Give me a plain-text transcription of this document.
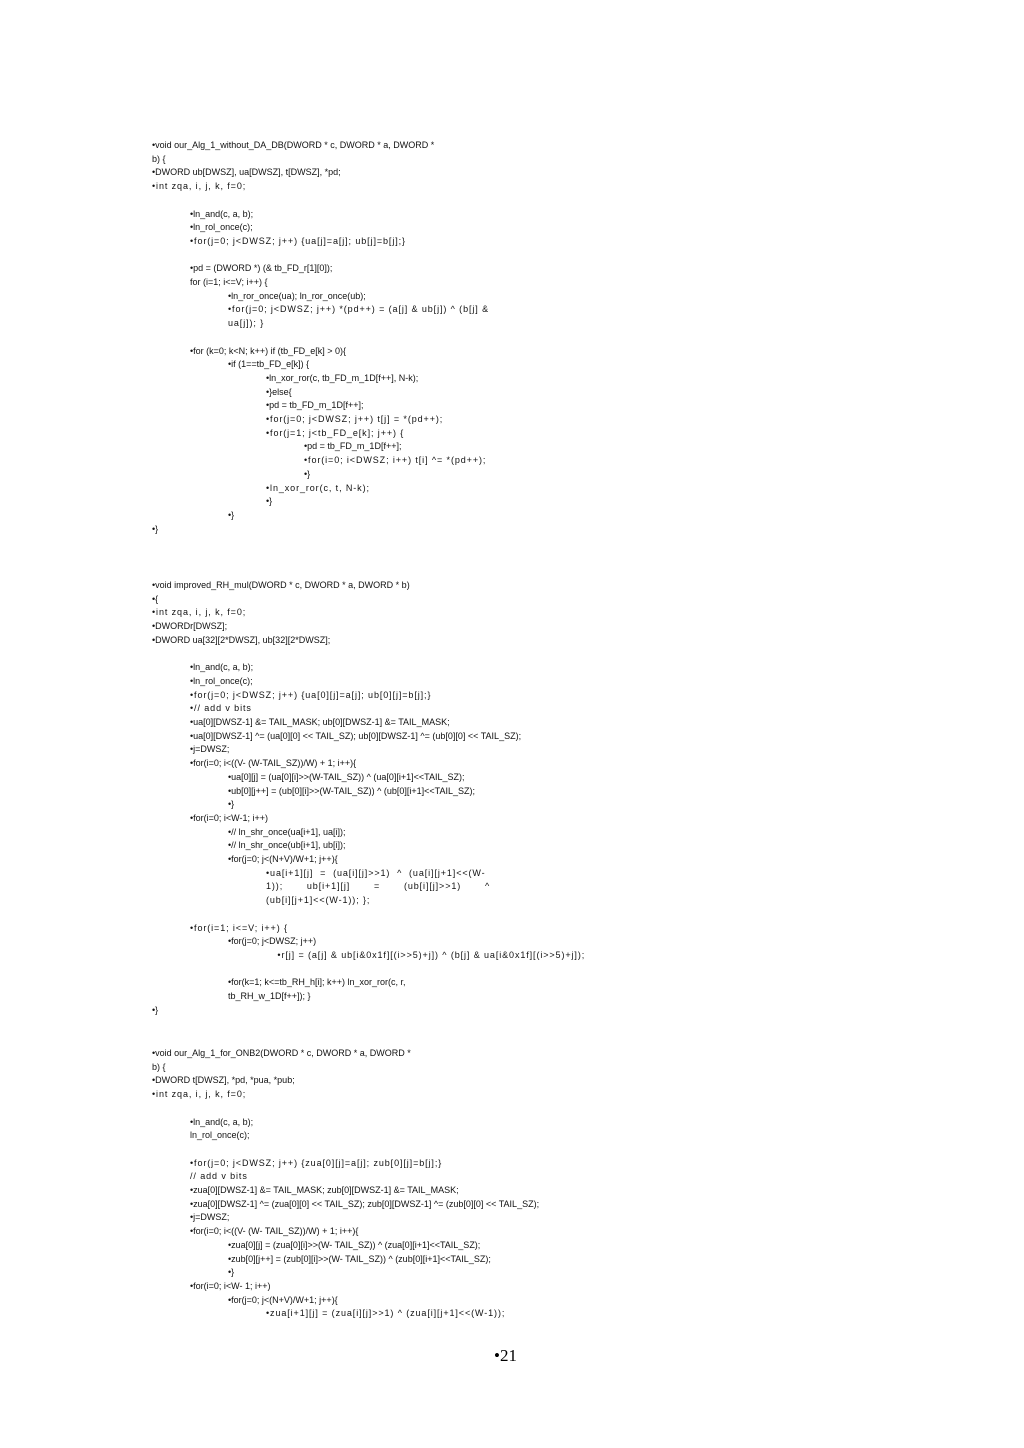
•void our_Alg_1_without_DA_DB(DWORD * c, DWORD * a, DWORD *
b) {
•DWORD ub[DWSZ], ua[DWSZ], t[DWSZ], *pd;
•int zqa, i, j, k, f=0;
•ln_and(c, a, b);
•ln_rol_once(c);
•for(j=0; j<DWSZ; j++) {ua[j]=a[j]; ub[j]=b[j];}
•pd = (DWORD *) (& tb_FD_r[1][0]);
for (i=1; i<=V; i++) {
•ln_ror_once(ua); ln_ror_once(ub);
•for(j=0; j<DWSZ; j++) *(pd++) = (a[j] & ub[j]) ^ (b[j] &
ua[j]); }
•for (k=0; k<N; k++) if (tb_FD_e[k] > 0){
•if (1==tb_FD_e[k]) {
•ln_xor_ror(c, tb_FD_m_1D[f++], N-k);
•}else{
•pd = tb_FD_m_1D[f++];
•for(j=0; j<DWSZ; j++) t[j] = *(pd++);
•for(j=1; j<tb_FD_e[k]; j++) {
•pd = tb_FD_m_1D[f++];
•for(i=0; i<DWSZ; i++) t[i] ^= *(pd++);
•}
•ln_xor_ror(c, t, N-k);
•}
•}
•}
•void improved_RH_mul(DWORD * c, DWORD * a, DWORD * b)
•{
•int zqa, i, j, k, f=0;
•DWORDr[DWSZ];
•DWORD ua[32][2*DWSZ], ub[32][2*DWSZ];
•ln_and(c, a, b);
•ln_rol_once(c);
•for(j=0; j<DWSZ; j++) {ua[0][j]=a[j]; ub[0][j]=b[j];}
•// add v bits
•ua[0][DWSZ-1] &= TAIL_MASK; ub[0][DWSZ-1] &= TAIL_MASK;
•ua[0][DWSZ-1] ^= (ua[0][0] << TAIL_SZ); ub[0][DWSZ-1] ^= (ub[0][0] << TAIL_SZ);
•j=DWSZ;
•for(i=0; i<((V- (W-TAIL_SZ))/W) + 1; i++){
•ua[0][j] = (ua[0][i]>>(W-TAIL_SZ)) ^ (ua[0][i+1]<<TAIL_SZ);
•ub[0][j++] = (ub[0][i]>>(W-TAIL_SZ)) ^ (ub[0][i+1]<<TAIL_SZ);
•}
•for(i=0; i<W-1; i++)
•// ln_shr_once(ua[i+1], ua[i]);
•// ln_shr_once(ub[i+1], ub[i]);
•for(j=0; j<(N+V)/W+1; j++){
•ua[i+1][j]  =  (ua[i][j]>>1)  ^  (ua[i][j+1]<<(W-
1));       ub[i+1][j]       =       (ub[i][j]>>1)       ^
(ub[i][j+1]<<(W-1)); };
•for(i=1; i<=V; i++) {
•for(j=0; j<DWSZ; j++)
•r[j] = (a[j] & ub[i&0x1f][(i>>5)+j]) ^ (b[j] & ua[i&0x1f][(i>>5)+j]);
•for(k=1; k<=tb_RH_h[i]; k++) ln_xor_ror(c, r,
tb_RH_w_1D[f++]); }
•}
•void our_Alg_1_for_ONB2(DWORD * c, DWORD * a, DWORD *
b) {
•DWORD t[DWSZ], *pd, *pua, *pub;
•int zqa, i, j, k, f=0;
•ln_and(c, a, b);
ln_rol_once(c);
•for(j=0; j<DWSZ; j++) {zua[0][j]=a[j]; zub[0][j]=b[j];}
// add v bits
•zua[0][DWSZ-1] &= TAIL_MASK; zub[0][DWSZ-1] &= TAIL_MASK;
•zua[0][DWSZ-1] ^= (zua[0][0] << TAIL_SZ); zub[0][DWSZ-1] ^= (zub[0][0] << TAIL_SZ);
•j=DWSZ;
•for(i=0; i<((V- (W- TAIL_SZ))/W) + 1; i++){
•zua[0][j] = (zua[0][i]>>(W- TAIL_SZ)) ^ (zua[0][i+1]<<TAIL_SZ);
•zub[0][j++] = (zub[0][i]>>(W- TAIL_SZ)) ^ (zub[0][i+1]<<TAIL_SZ);
•}
•for(i=0; i<W- 1; i++)
•for(j=0; j<(N+V)/W+1; j++){
•zua[i+1][j] = (zua[i][j]>>1) ^ (zua[i][j+1]<<(W-1));
•21
